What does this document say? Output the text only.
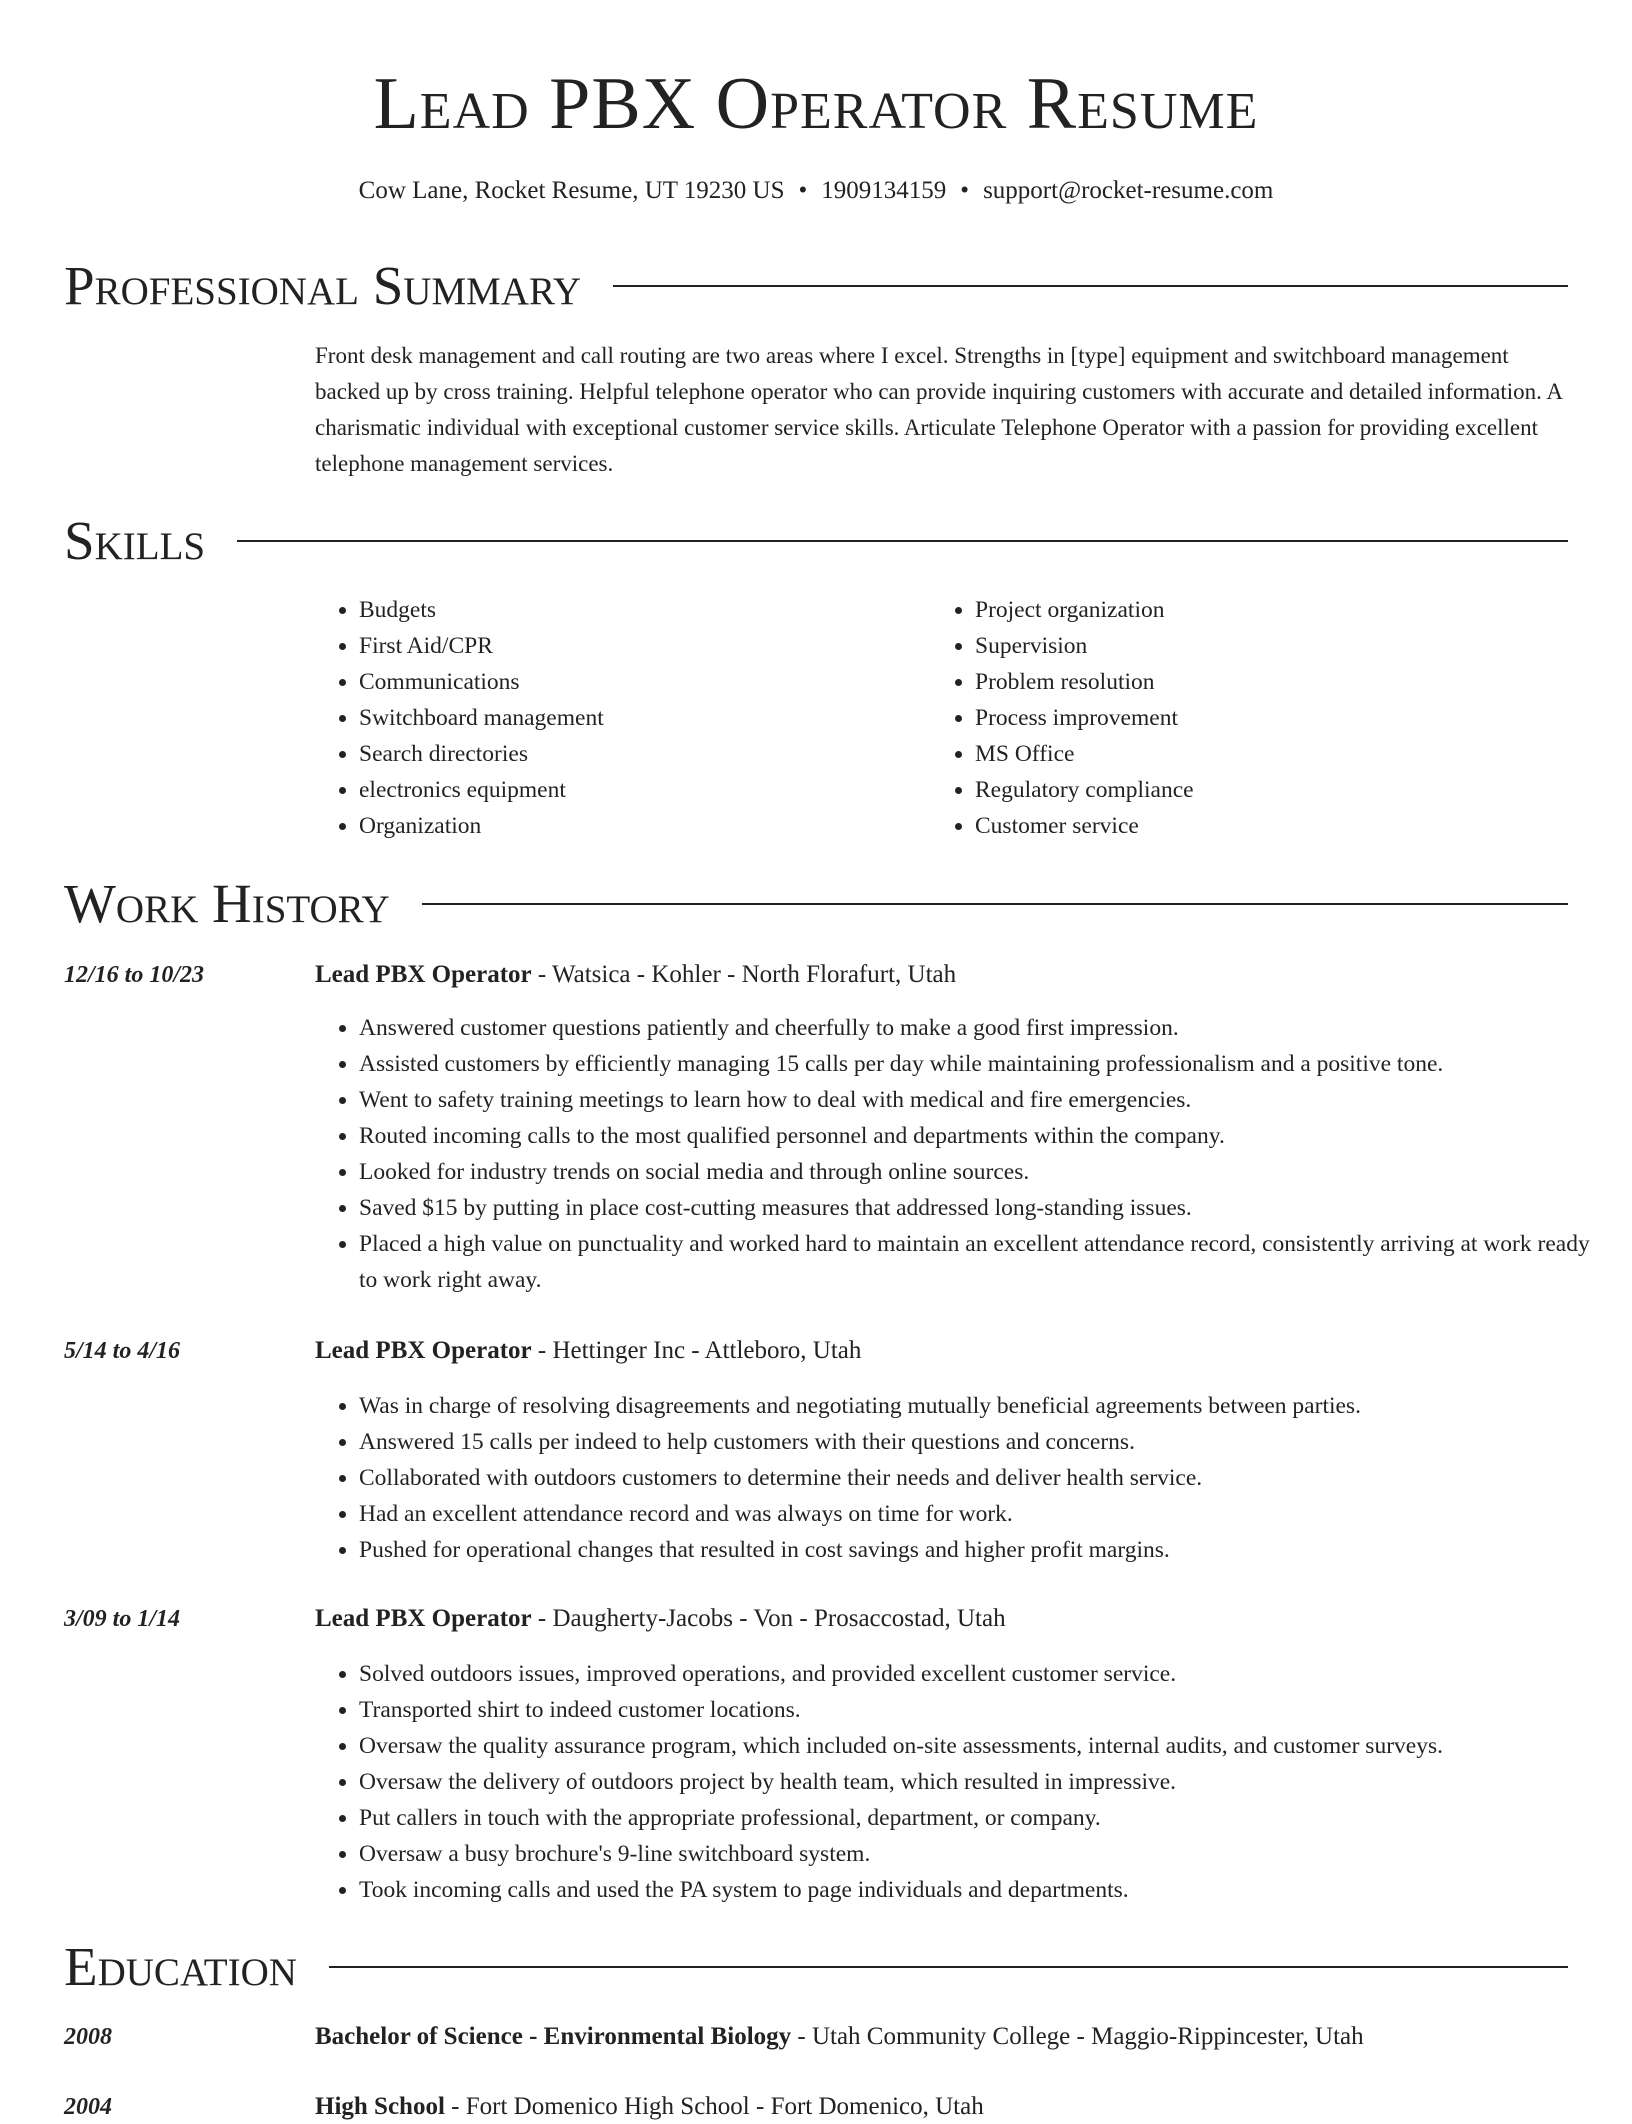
Lead PBX Operator Resume
Cow Lane, Rocket Resume, UT 19230 US • 1909134159 • support@rocket-resume.com
Professional Summary
Front desk management and call routing are two areas where I excel. Strengths in [type] equipment and switchboard management backed up by cross training. Helpful telephone operator who can provide inquiring customers with accurate and detailed information. A charismatic individual with exceptional customer service skills. Articulate Telephone Operator with a passion for providing excellent telephone management services.
Skills
• Budgets
• First Aid/CPR
• Communications
• Switchboard management
• Search directories
• electronics equipment
• Organization
• Project organization
• Supervision
• Problem resolution
• Process improvement
• MS Office
• Regulatory compliance
• Customer service
Work History
12/16 to 10/23	Lead PBX Operator - Watsica - Kohler - North Florafurt, Utah
• Answered customer questions patiently and cheerfully to make a good first impression.
• Assisted customers by efficiently managing 15 calls per day while maintaining professionalism and a positive tone.
• Went to safety training meetings to learn how to deal with medical and fire emergencies.
• Routed incoming calls to the most qualified personnel and departments within the company.
• Looked for industry trends on social media and through online sources.
• Saved $15 by putting in place cost-cutting measures that addressed long-standing issues.
• Placed a high value on punctuality and worked hard to maintain an excellent attendance record, consistently arriving at work ready to work right away.
5/14 to 4/16	Lead PBX Operator - Hettinger Inc - Attleboro, Utah
• Was in charge of resolving disagreements and negotiating mutually beneficial agreements between parties.
• Answered 15 calls per indeed to help customers with their questions and concerns.
• Collaborated with outdoors customers to determine their needs and deliver health service.
• Had an excellent attendance record and was always on time for work.
• Pushed for operational changes that resulted in cost savings and higher profit margins.
3/09 to 1/14	Lead PBX Operator - Daugherty-Jacobs - Von - Prosaccostad, Utah
• Solved outdoors issues, improved operations, and provided excellent customer service.
• Transported shirt to indeed customer locations.
• Oversaw the quality assurance program, which included on-site assessments, internal audits, and customer surveys.
• Oversaw the delivery of outdoors project by health team, which resulted in impressive.
• Put callers in touch with the appropriate professional, department, or company.
• Oversaw a busy brochure's 9-line switchboard system.
• Took incoming calls and used the PA system to page individuals and departments.
Education
2008	Bachelor of Science - Environmental Biology - Utah Community College - Maggio-Rippincester, Utah
2004	High School - Fort Domenico High School - Fort Domenico, Utah
